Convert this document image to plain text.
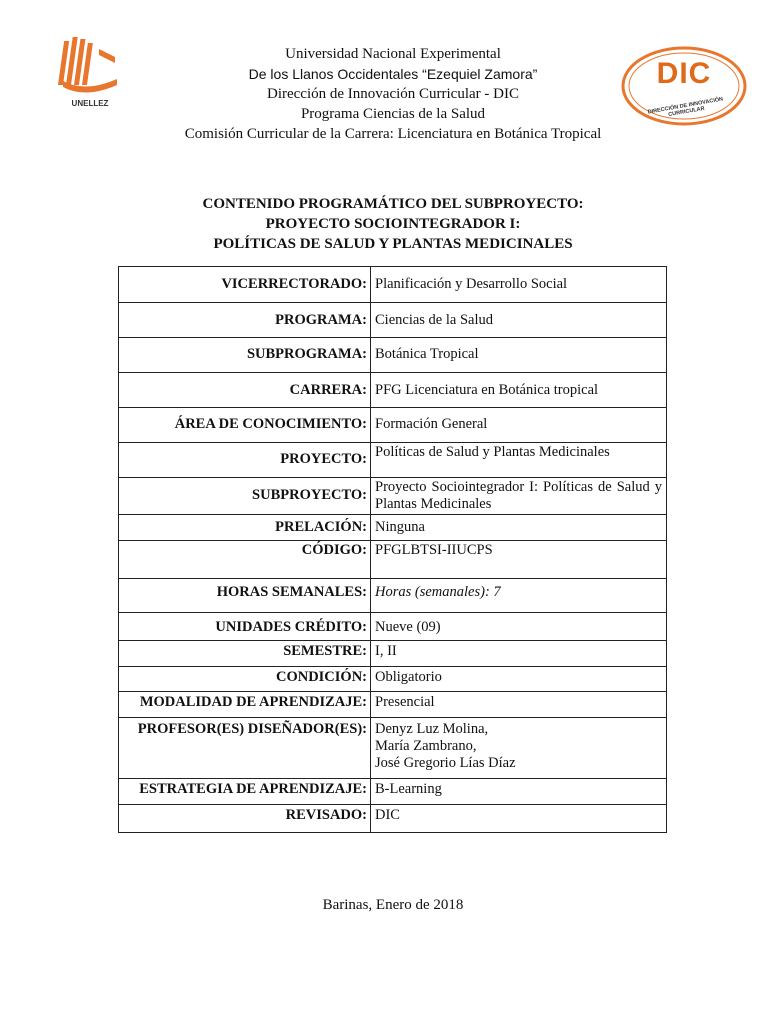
UNELLEZ
DIC
DIRECCIÓN DE INNOVACIÓN CURRICULAR
Universidad Nacional Experimental
De los Llanos Occidentales “Ezequiel Zamora”
Dirección de Innovación Curricular - DIC
Programa Ciencias de la Salud
Comisión Curricular de la Carrera: Licenciatura en Botánica Tropical
CONTENIDO PROGRAMÁTICO DEL SUBPROYECTO:
PROYECTO SOCIOINTEGRADOR I:
POLÍTICAS DE SALUD Y PLANTAS MEDICINALES
VICERRECTORADO:	Planificación y Desarrollo Social
PROGRAMA:	Ciencias de la Salud
SUBPROGRAMA:	Botánica Tropical
CARRERA:	PFG Licenciatura en Botánica tropical
ÁREA DE CONOCIMIENTO:	Formación General
PROYECTO:	Políticas de Salud y Plantas Medicinales
SUBPROYECTO:	Proyecto Sociointegrador I: Políticas de Salud y Plantas Medicinales
PRELACIÓN:	Ninguna
CÓDIGO:	PFGLBTSI-IIUCPS
HORAS SEMANALES:	Horas (semanales): 7
UNIDADES CRÉDITO:	Nueve (09)
SEMESTRE:	I, II
CONDICIÓN:	Obligatorio
MODALIDAD DE APRENDIZAJE:	Presencial
PROFESOR(ES) DISEÑADOR(ES):	Denyz Luz Molina,
María Zambrano,
José Gregorio Lías Díaz

ESTRATEGIA DE APRENDIZAJE:	B-Learning
REVISADO:	DIC
Barinas, Enero de 2018
